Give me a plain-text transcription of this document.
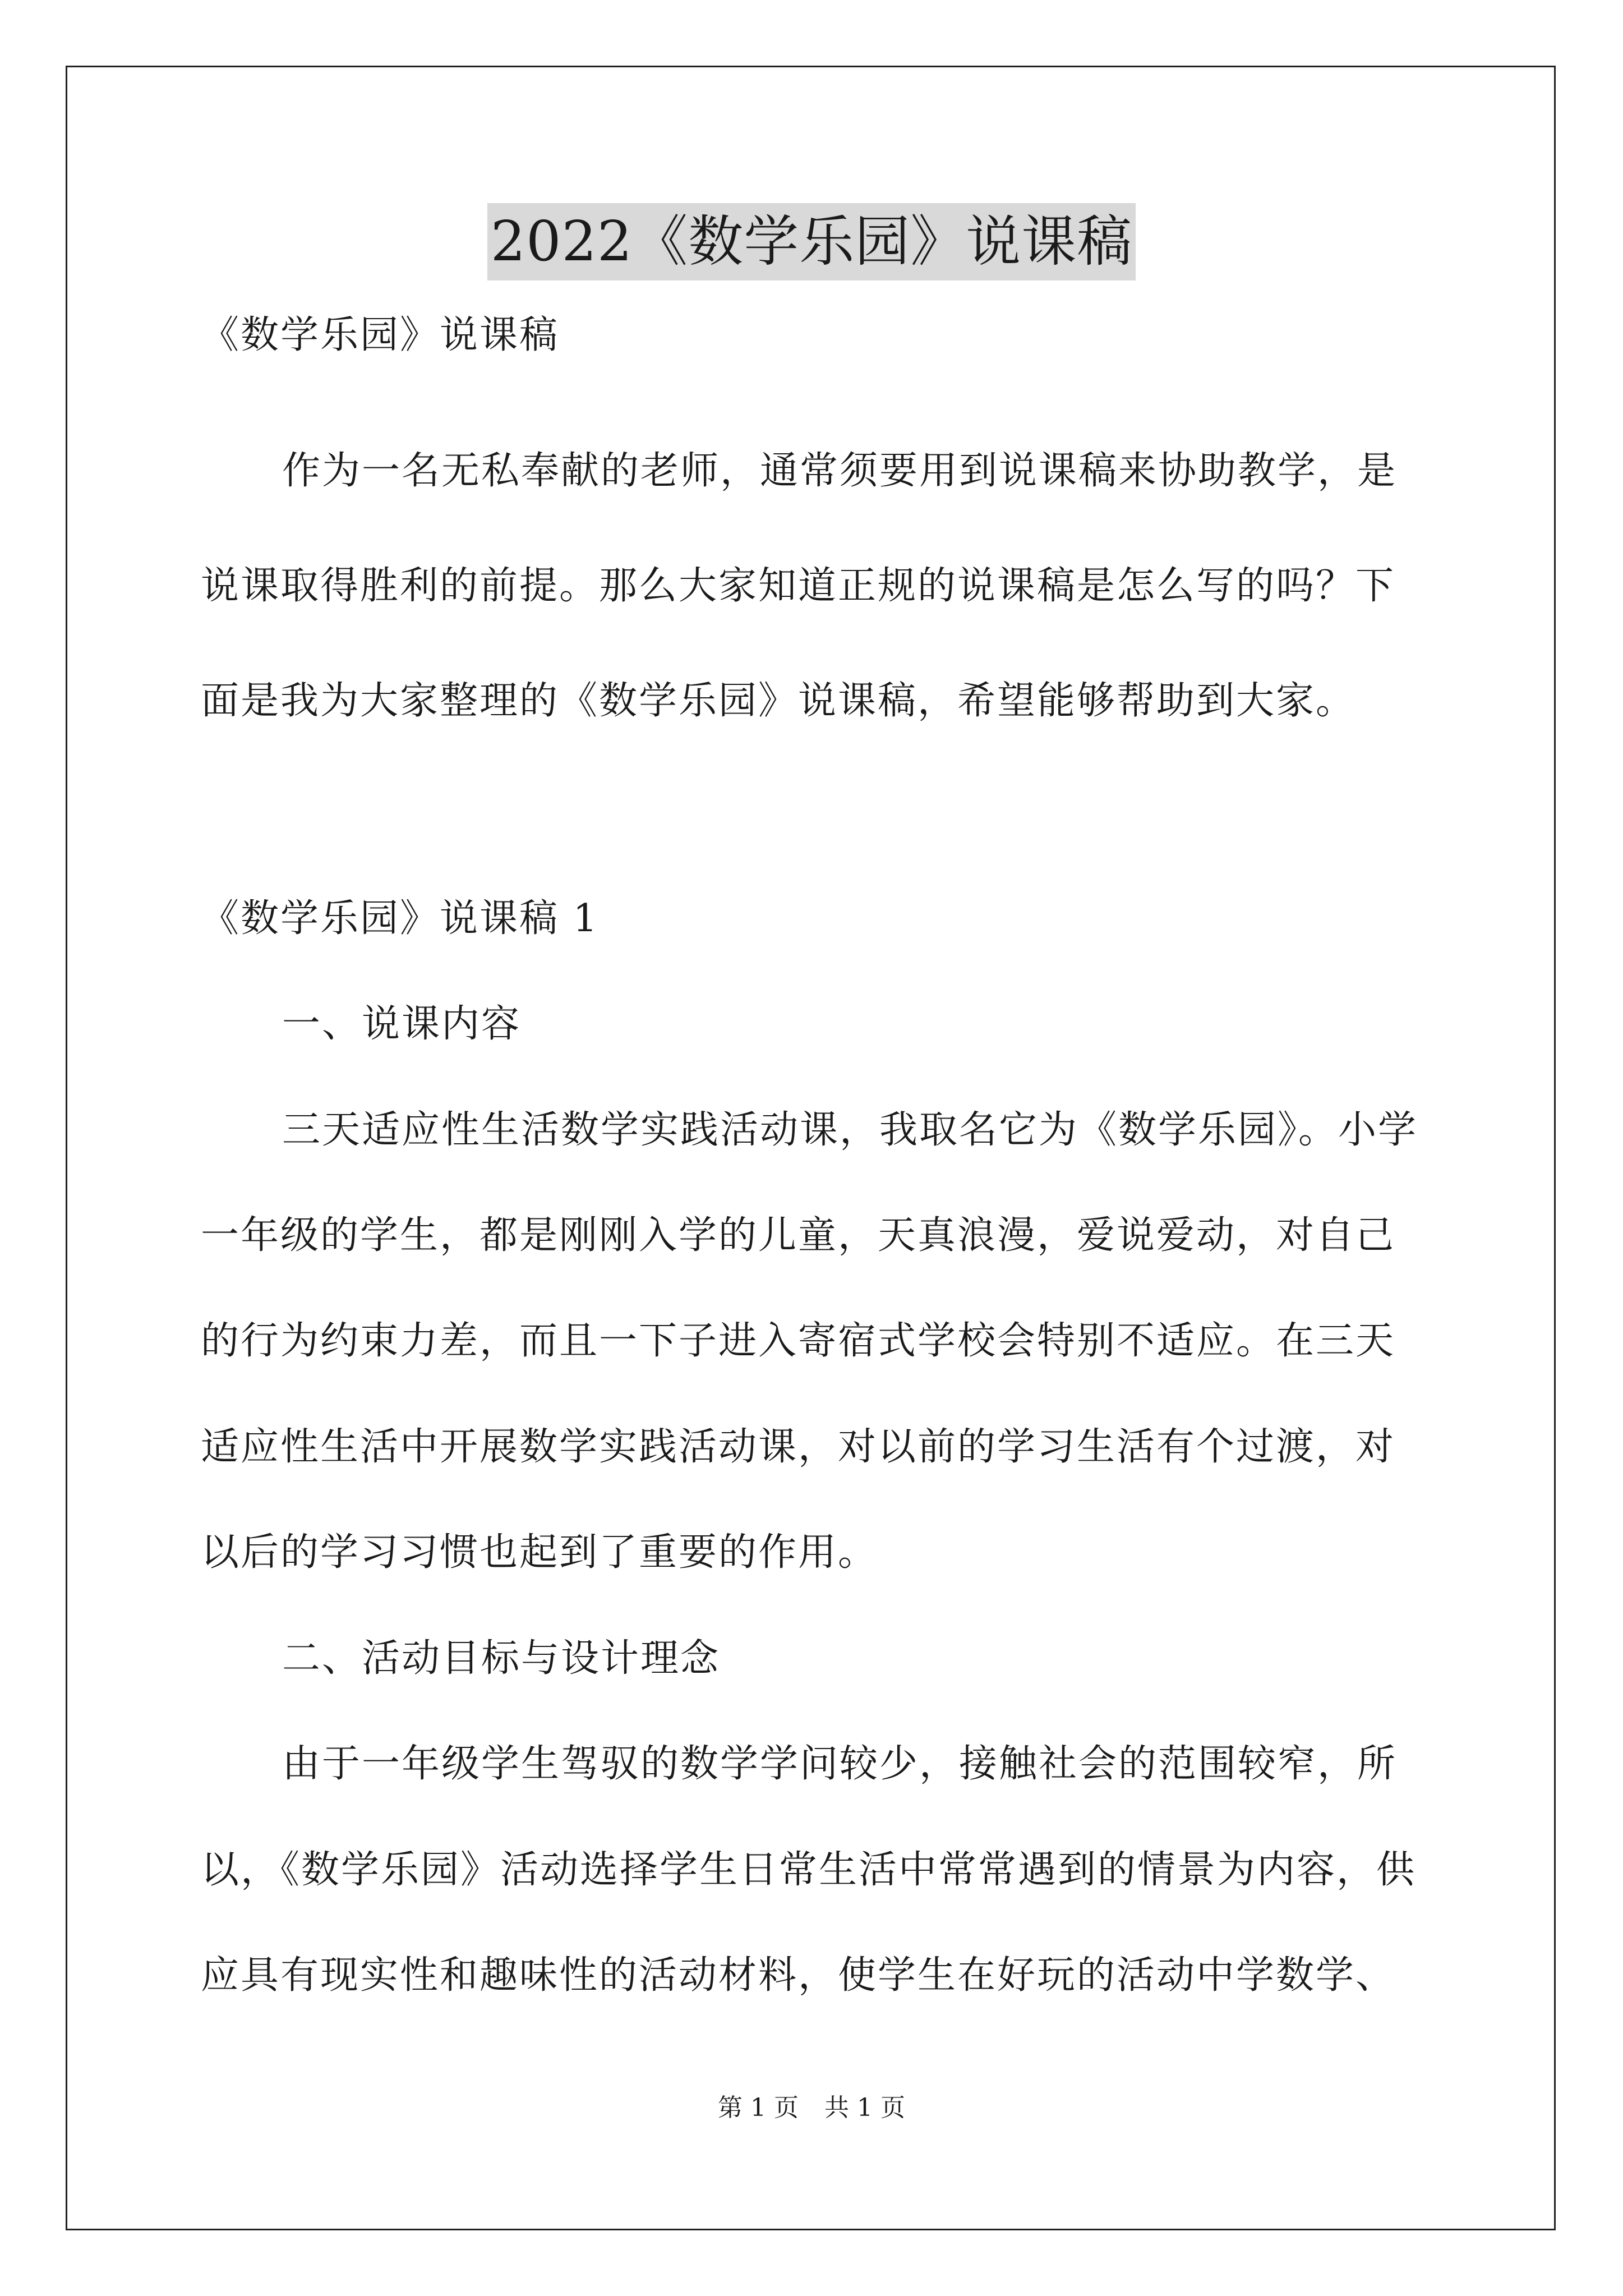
2022《数学乐园》说课稿
《数学乐园》说课稿
作为一名无私奉献的老师，通常须要用到说课稿来协助教学，是
说课取得胜利的前提。那么大家知道正规的说课稿是怎么写的吗？下
面是我为大家整理的《数学乐园》说课稿，希望能够帮助到大家。
《数学乐园》说课稿 1
一、说课内容
三天适应性生活数学实践活动课，我取名它为《数学乐园》。小学
一年级的学生，都是刚刚入学的儿童，天真浪漫，爱说爱动，对自己
的行为约束力差，而且一下子进入寄宿式学校会特别不适应。在三天
适应性生活中开展数学实践活动课，对以前的学习生活有个过渡，对
以后的学习习惯也起到了重要的作用。
二、活动目标与设计理念
由于一年级学生驾驭的数学学问较少，接触社会的范围较窄，所
以，《数学乐园》活动选择学生日常生活中常常遇到的情景为内容，供
应具有现实性和趣味性的活动材料，使学生在好玩的活动中学数学、
第 1 页 共 1 页
